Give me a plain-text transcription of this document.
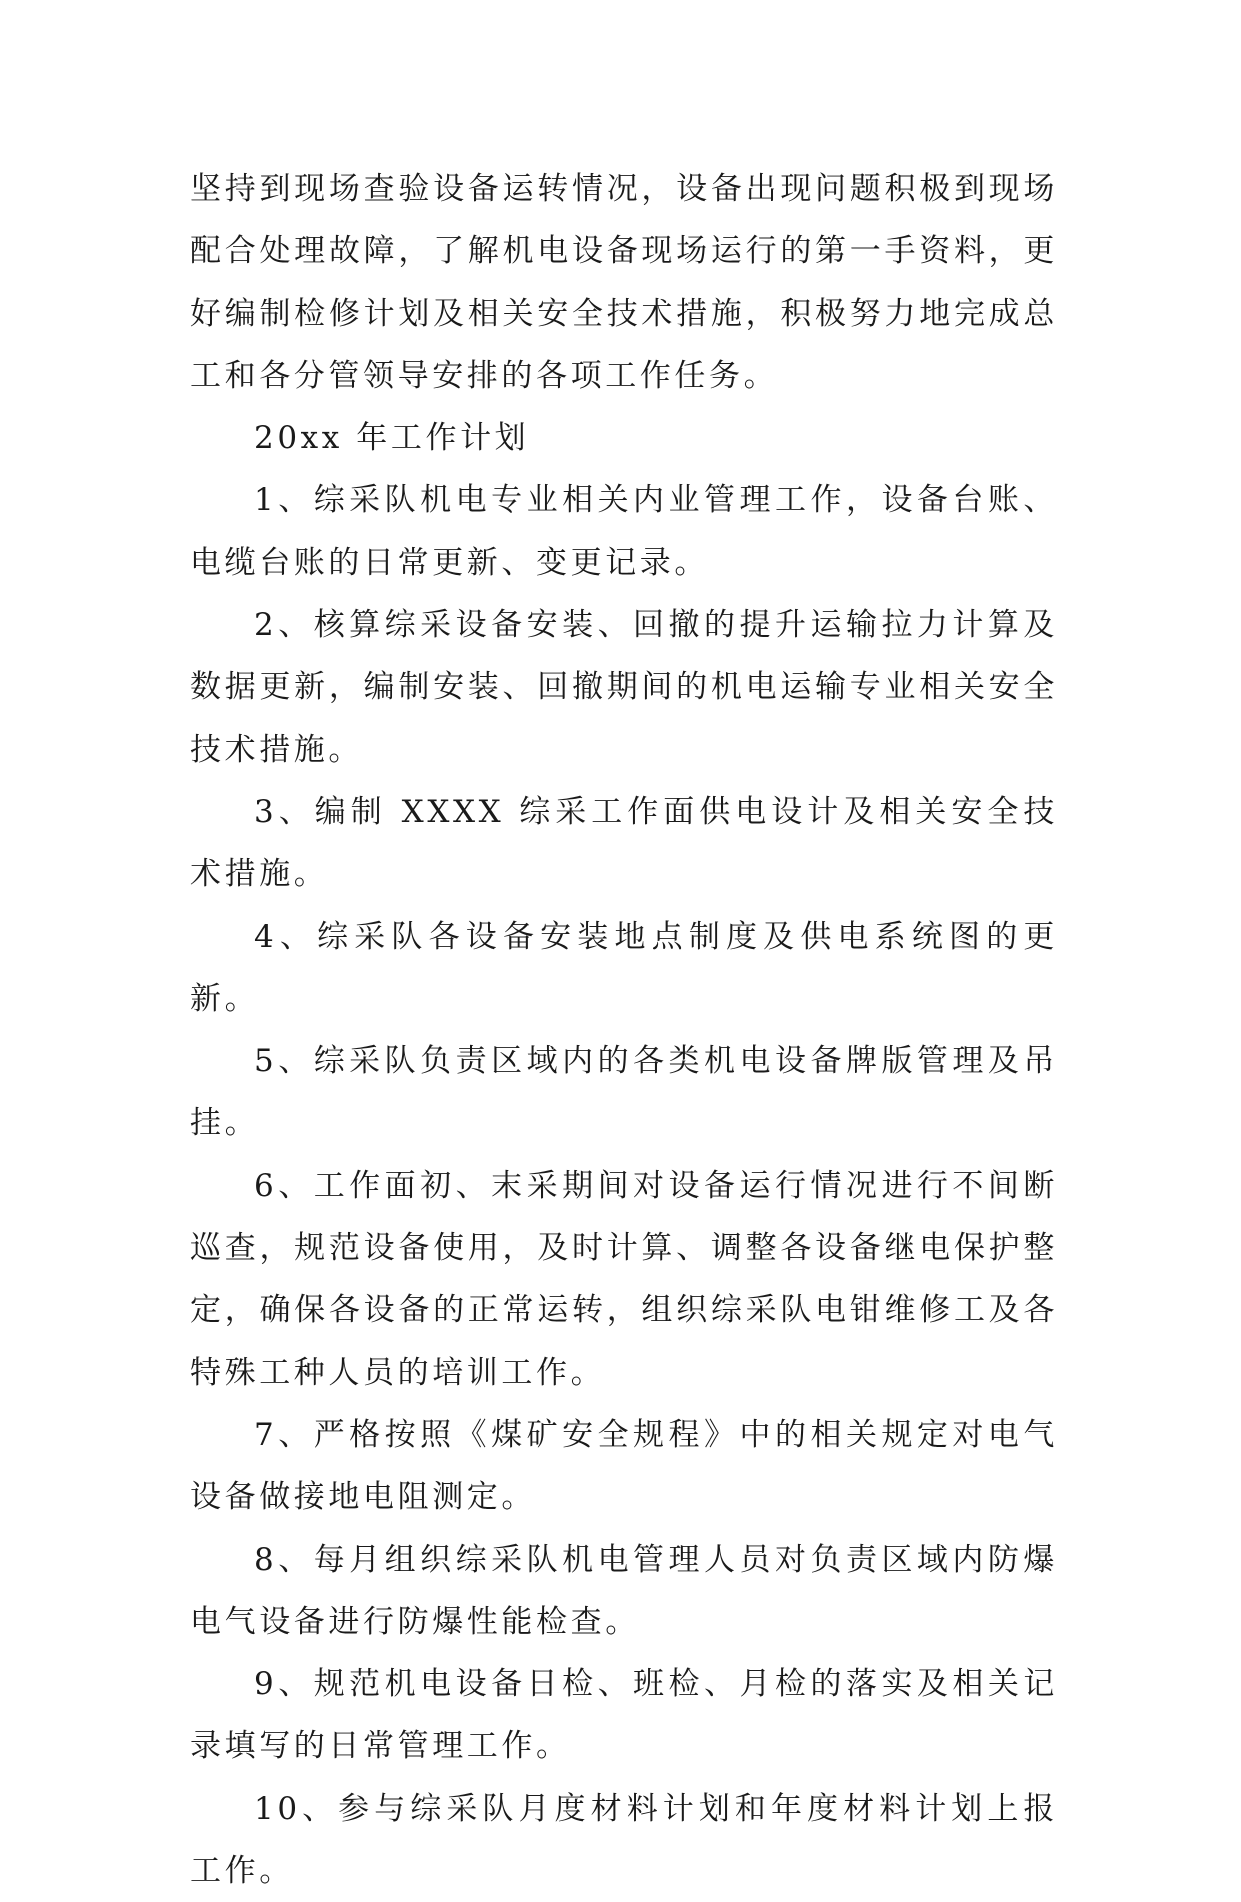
坚持到现场查验设备运转情况，设备出现问题积极到现场配合处理故障，了解机电设备现场运行的第一手资料，更好编制检修计划及相关安全技术措施，积极努力地完成总工和各分管领导安排的各项工作任务。

20xx 年工作计划

1、综采队机电专业相关内业管理工作，设备台账、电缆台账的日常更新、变更记录。

2、核算综采设备安装、回撤的提升运输拉力计算及数据更新，编制安装、回撤期间的机电运输专业相关安全技术措施。

3、编制 XXXX 综采工作面供电设计及相关安全技术措施。

4、综采队各设备安装地点制度及供电系统图的更新。

5、综采队负责区域内的各类机电设备牌版管理及吊挂。

6、工作面初、末采期间对设备运行情况进行不间断巡查，规范设备使用，及时计算、调整各设备继电保护整定，确保各设备的正常运转，组织综采队电钳维修工及各特殊工种人员的培训工作。

7、严格按照《煤矿安全规程》中的相关规定对电气设备做接地电阻测定。

8、每月组织综采队机电管理人员对负责区域内防爆电气设备进行防爆性能检查。

9、规范机电设备日检、班检、月检的落实及相关记录填写的日常管理工作。

10、参与综采队月度材料计划和年度材料计划上报工作。
